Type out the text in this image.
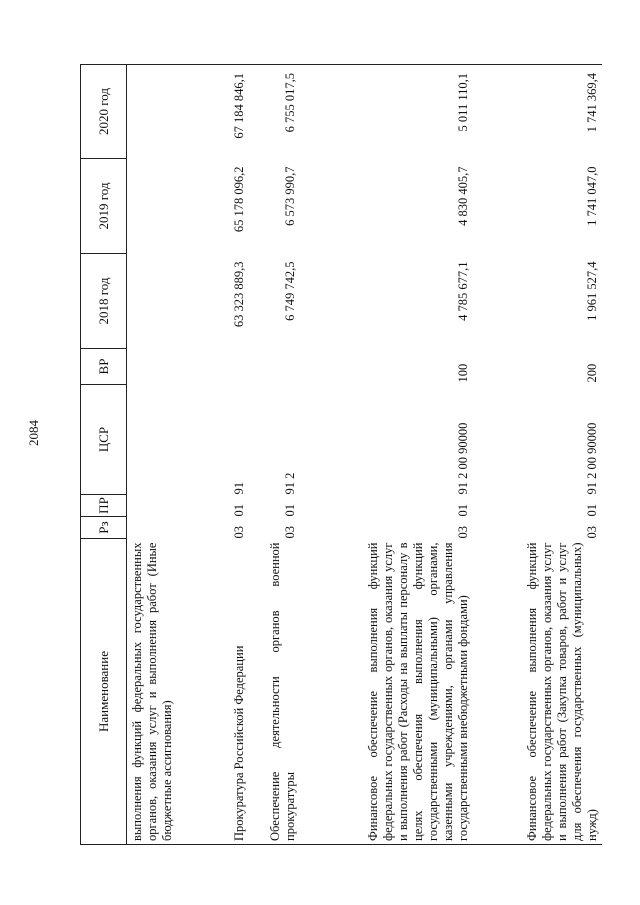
2084
Наименование	Рз	ПР	ЦСР	ВР	2018 год	2019 год	2020 год

выполнения функций федеральных государственных органов, оказания услуг и выполнения работ (Иные бюджетные ассигнования)							

Прокуратура Российской Федерации	03	01	91		63 323 889,3	65 178 096,2	67 184 846,1

Обеспечение деятельности органов военной прокуратуры	03	01	91 2		6 749 742,5	6 573 990,7	6 755 017,5

Финансовое обеспечение выполнения функций федеральных государственных органов, оказания услуг и выполнения работ (Расходы на выплаты персоналу в целях обеспечения выполнения функций государственными (муниципальными) органами, казенными учреждениями, органами управления государственными внебюджетными фондами)	03	01	91 2 00 90000	100	4 785 677,1	4 830 405,7	5 011 110,1

Финансовое обеспечение выполнения функций федеральных государственных органов, оказания услуг и выполнения работ (Закупка товаров, работ и услуг для обеспечения государственных (муниципальных) нужд)	03	01	91 2 00 90000	200	1 961 527,4	1 741 047,0	1 741 369,4
